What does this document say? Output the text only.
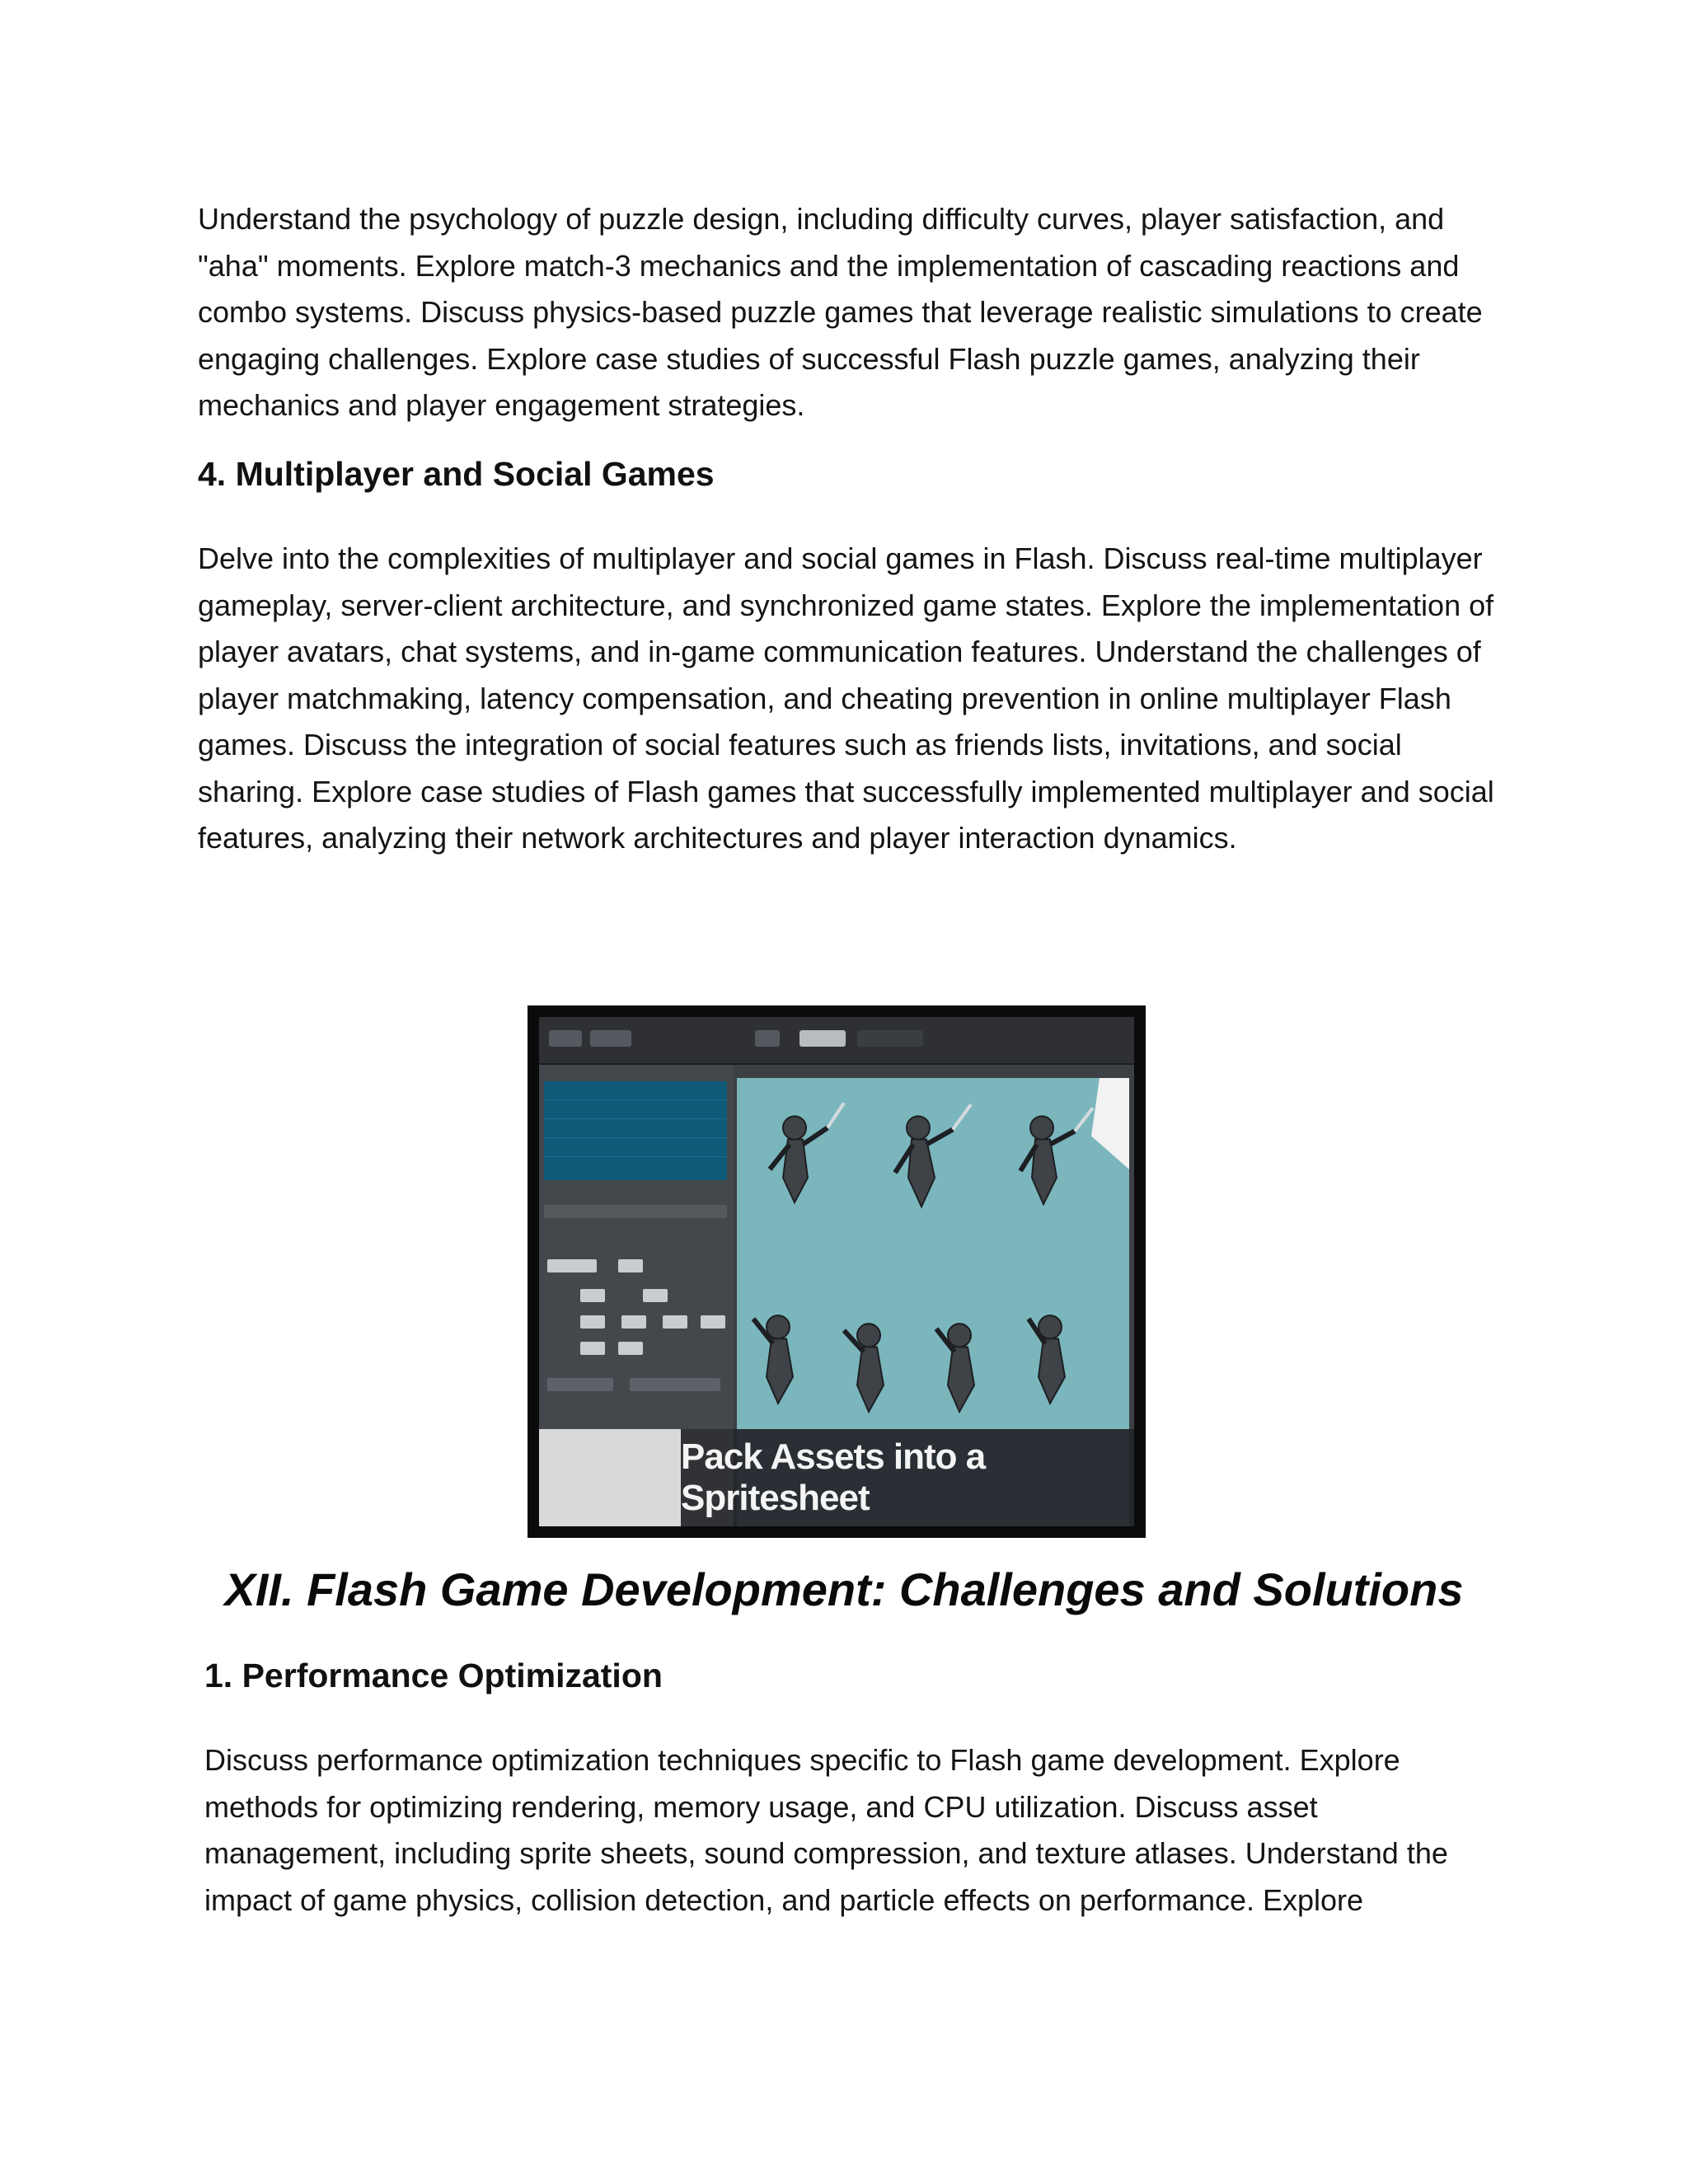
Understand the psychology of puzzle design, including difficulty curves, player satisfaction, and "aha" moments. Explore match-3 mechanics and the implementation of cascading reactions and combo systems. Discuss physics-based puzzle games that leverage realistic simulations to create engaging challenges. Explore case studies of successful Flash puzzle games, analyzing their mechanics and player engagement strategies.

4. Multiplayer and Social Games

Delve into the complexities of multiplayer and social games in Flash. Discuss real-time multiplayer gameplay, server-client architecture, and synchronized game states. Explore the implementation of player avatars, chat systems, and in-game communication features. Understand the challenges of player matchmaking, latency compensation, and cheating prevention in online multiplayer Flash games. Discuss the integration of social features such as friends lists, invitations, and social sharing. Explore case studies of Flash games that successfully implemented multiplayer and social features, analyzing their network architectures and player interaction dynamics.

Pack Assets into a Spritesheet
XII. Flash Game Development: Challenges and Solutions
1. Performance Optimization

Discuss performance optimization techniques specific to Flash game development. Explore methods for optimizing rendering, memory usage, and CPU utilization. Discuss asset management, including sprite sheets, sound compression, and texture atlases. Understand the impact of game physics, collision detection, and particle effects on performance. Explore
